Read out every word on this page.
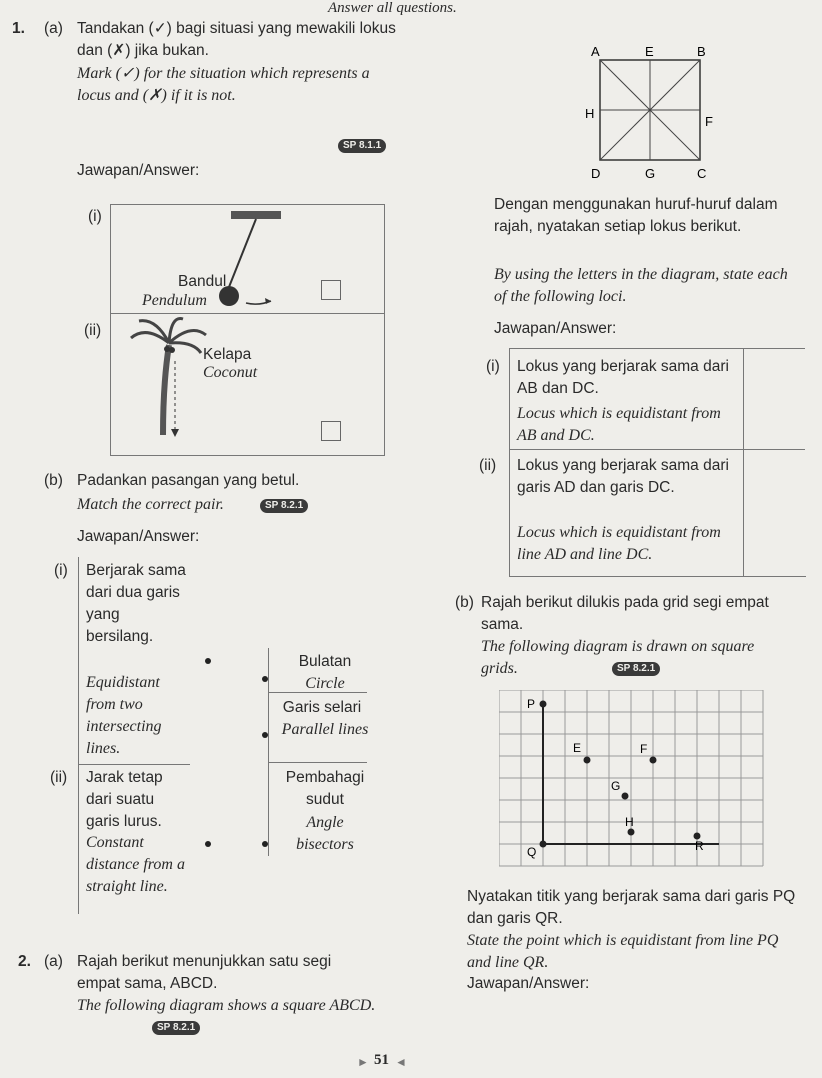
Answer all questions.
1. (a) Tandakan (✓) bagi situasi yang mewakili lokus dan (✗) jika bukan.
Mark (✓) for the situation which represents a locus and (✗) if it is not.
SP 8.1.1
Jawapan/Answer:
(i)
Bandul
Pendulum
(ii)
Kelapa
Coconut
(b) Padankan pasangan yang betul.
Match the correct pair.	SP 8.2.1
Jawapan/Answer:
(i) Berjarak sama dari dua garis yang bersilang.
Equidistant from two intersecting lines.
(ii) Jarak tetap dari suatu garis lurus.
Constant distance from a straight line.
Bulatan
Circle
Garis selari
Parallel lines
Pembahagi sudut
Angle bisectors
2. (a) Rajah berikut menunjukkan satu segi empat sama, ABCD.
The following diagram shows a square ABCD.
SP 8.2.1
A	E	B
H
F
D	G	C
Dengan menggunakan huruf-huruf dalam rajah, nyatakan setiap lokus berikut.
By using the letters in the diagram, state each of the following loci.
Jawapan/Answer:
(i) Lokus yang berjarak sama dari AB dan DC.
Locus which is equidistant from AB and DC.
(ii) Lokus yang berjarak sama dari garis AD dan garis DC.
Locus which is equidistant from line AD and line DC.
(b) Rajah berikut dilukis pada grid segi empat sama.
The following diagram is drawn on square grids.	SP 8.2.1
P
E	F
G
H
R
Q
Nyatakan titik yang berjarak sama dari garis PQ dan garis QR.
State the point which is equidistant from line PQ and line QR.
Jawapan/Answer:
► 51 ◄
